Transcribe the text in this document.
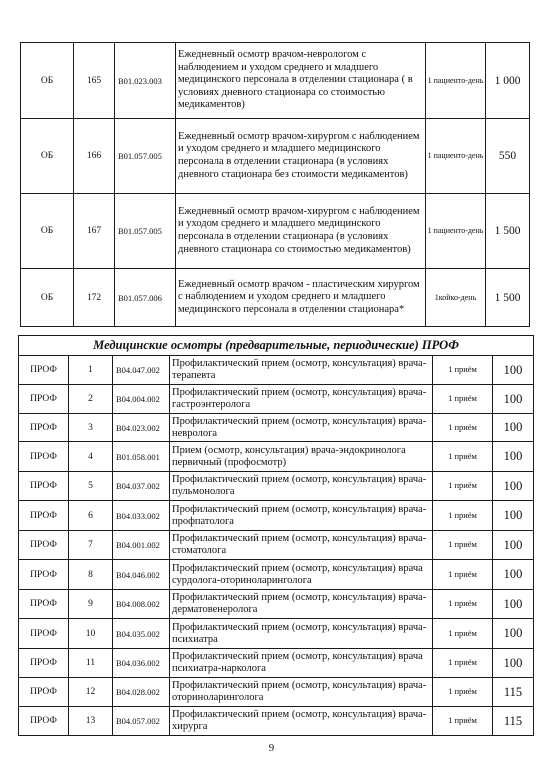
ОБ	165	B01.023.003	Ежедневный осмотр врачом-неврологом с наблюдением и уходом среднего и младшего медицинского персонала в отделении стационара ( в условиях дневного стационара со стоимостью медикаментов)	1 пациенто-день	1 000
ОБ	166	B01.057.005	Ежедневный осмотр врачом-хирургом с наблюдением и уходом среднего и младшего медицинского персонала в отделении стационара (в условиях дневного стационара без стоимости медикаментов)	1 пациенто-день	550
ОБ	167	B01.057.005	Ежедневный осмотр врачом-хирургом с наблюдением и уходом среднего и младшего медицинского персонала в отделении стационара (в условиях дневного стационара со стоимостью медикаментов)	1 пациенто-день	1 500
ОБ	172	B01.057.006	Ежедневный осмотр врачом - пластическим хирургом с наблюдением и уходом среднего и младшего медицинского персонала в отделении стационара*	1койко-день	1 500
Медицинские осмотры (предварительные, периодические) ПРОФ					
ПРОФ	1	B04.047.002	Профилактический прием (осмотр, консультация) врача-терапевта	1 приём	100
ПРОФ	2	B04.004.002	Профилактический прием (осмотр, консультация) врача-гастроэнтеролога	1 приём	100
ПРОФ	3	B04.023.002	Профилактический прием (осмотр, консультация) врача-невролога	1 приём	100
ПРОФ	4	B01.058.001	Прием (осмотр, консультация) врача-эндокринолога первичный (профосмотр)	1 приём	100
ПРОФ	5	B04.037.002	Профилактический прием (осмотр, консультация) врача-пульмонолога	1 приём	100
ПРОФ	6	B04.033.002	Профилактический прием (осмотр, консультация) врача-профпатолога	1 приём	100
ПРОФ	7	B04.001.002	Профилактический прием (осмотр, консультация) врача-стоматолога	1 приём	100
ПРОФ	8	B04.046.002	Профилактический прием (осмотр, консультация) врача сурдолога-оториноларинголога	1 приём	100
ПРОФ	9	B04.008.002	Профилактический прием (осмотр, консультация) врача-дерматовенеролога	1 приём	100
ПРОФ	10	B04.035.002	Профилактический прием (осмотр, консультация) врача-психиатра	1 приём	100
ПРОФ	11	B04.036.002	Профилактический прием (осмотр, консультация) врача психиатра-нарколога	1 приём	100
ПРОФ	12	B04.028.002	Профилактический прием (осмотр, консультация) врача-оториноларинголога	1 приём	115
ПРОФ	13	B04.057.002	Профилактический прием (осмотр, консультация) врача-хирурга	1 приём	115
9
